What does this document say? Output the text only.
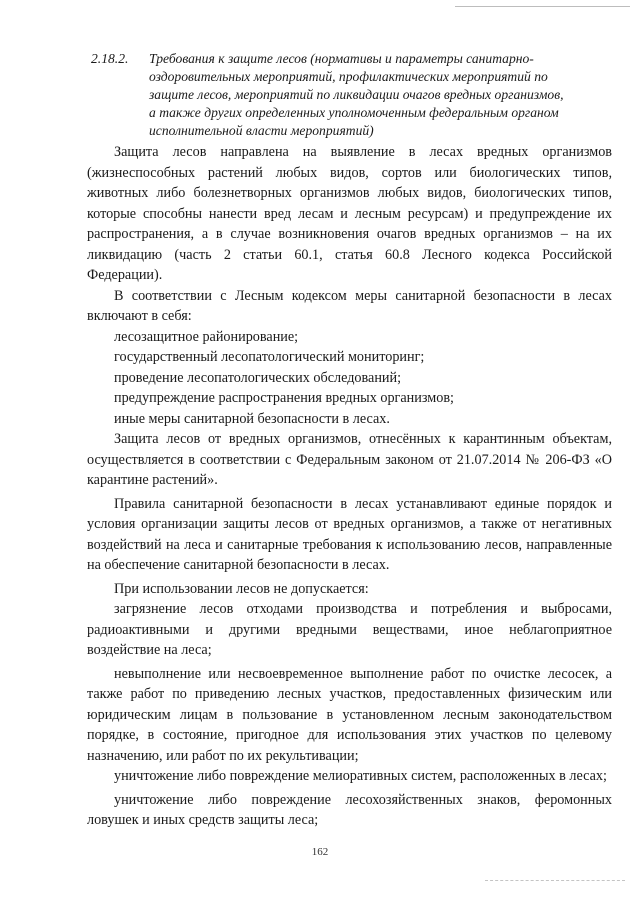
2.18.2.	Требования к защите лесов (нормативы и параметры санитарно-оздоровительных мероприятий, профилактических мероприятий по защите лесов, мероприятий по ликвидации очагов вредных организмов, а также других определенных уполномоченным федеральным органом исполнительной власти мероприятий)

Защита лесов направлена на выявление в лесах вредных организмов (жизнеспособных растений любых видов, сортов или биологических типов, животных либо болезнетворных организмов любых видов, биологических типов, которые способны нанести вред лесам и лесным ресурсам) и предупреждение их распространения, а в случае возникновения очагов вредных организмов – на их ликвидацию (часть 2 статьи 60.1, статья 60.8 Лесного кодекса Российской Федерации).

В соответствии с Лесным кодексом меры санитарной безопасности в лесах включают в себя:

лесозащитное районирование;

государственный лесопатологический мониторинг;

проведение лесопатологических обследований;

предупреждение распространения вредных организмов;

иные меры санитарной безопасности в лесах.

Защита лесов от вредных организмов, отнесённых к карантинным объектам, осуществляется в соответствии с Федеральным законом от 21.07.2014 № 206-ФЗ «О карантине растений».

Правила санитарной безопасности в лесах устанавливают единые порядок и условия организации защиты лесов от вредных организмов, а также от негативных воздействий на леса и санитарные требования к использованию лесов, направленные на обеспечение санитарной безопасности в лесах.

При использовании лесов не допускается:

загрязнение лесов отходами производства и потребления и выбросами, радиоактивными и другими вредными веществами, иное неблагоприятное воздействие на леса;

невыполнение или несвоевременное выполнение работ по очистке лесосек, а также работ по приведению лесных участков, предоставленных физическим или юридическим лицам в пользование в установленном лесным законодательством порядке, в состояние, пригодное для использования этих участков по целевому назначению, или работ по их рекультивации;

уничтожение либо повреждение мелиоративных систем, расположенных в лесах;

уничтожение либо повреждение лесохозяйственных знаков, феромонных ловушек и иных средств защиты леса;

162
